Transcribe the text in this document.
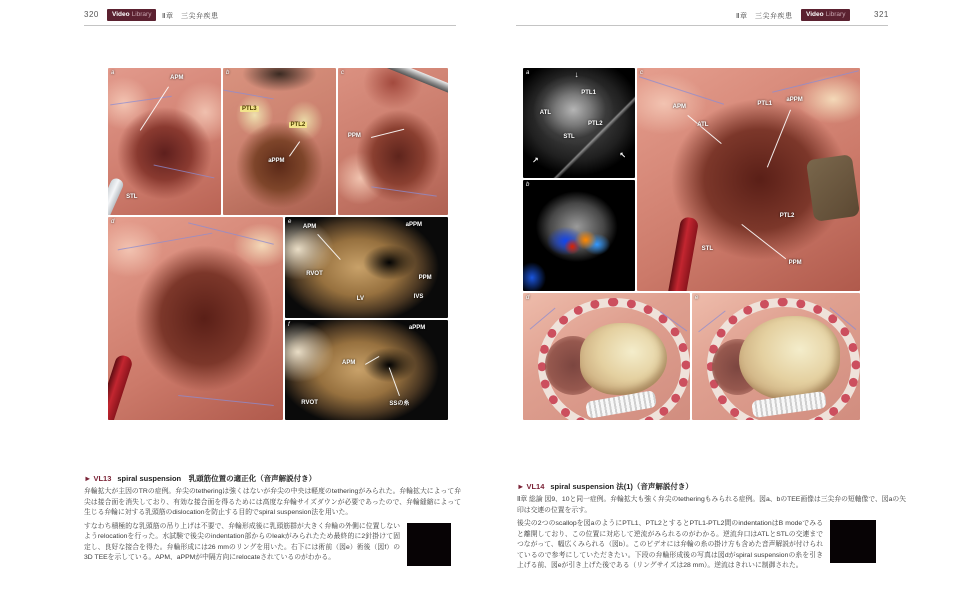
320	Video Library	Ⅱ章　三尖弁疾患
a
APM
STL
b
PTL3
PTL2
aPPM
c
PPM
d	e
APM	aPPM
RVOT
PPM
LV	IVS
f	aPPM
APM
RVOT	SSの糸
► VL13 spiral suspension　乳頭筋位置の適正化（音声解説付き）
弁輪拡大が主因のTRの症例。弁尖のtetheringは強くはないが弁尖の中央は軽度のtetheringがみられた。弁輪拡大によって弁尖は接合面を消失しており、有効な接合面を得るためには高度な弁輪サイズダウンが必要であったので、弁輪縫縮によって生じる弁輪に対する乳頭筋のdislocationを防止する目的でspiral suspension法を用いた。
すなわち積極的な乳頭筋の吊り上げは不要で、弁輪形成後に乳頭筋群が大きく弁輪の外側に位置しないようrelocationを行った。水試験で後尖のindentation部からのleakがみられたため最終的に2針掛けて固定し、良好な接合を得た。弁輪形成には26 mmのリングを用いた。右下には術前（図e）術後（図f）の3D TEEを示している。APM、aPPMが中隔方向にrelocateされているのがわかる。
Ⅱ章　三尖弁疾患	Video Library	321
a	↓
PTL1
ATL
PTL2
STL
↗	↖
b
c
APM
ATL
PTL1
aPPM
PTL2
STL
PPM
d	e
► VL14 spiral suspension 法(1)（音声解説付き）
Ⅱ章 総論 図9、10と同一症例。弁輪拡大も強く弁尖のtetheringもみられる症例。図a、bのTEE画像は三尖弁の短軸像で、図aの矢印は交連の位置を示す。
後尖の2つのscallopを図aのようにPTL1、PTL2とするとPTL1-PTL2間のindentationはB modeでみると離開しており、この位置に対応して逆流がみられるのがわかる。逆流弁口はATLとSTLの交連までつながって、幅広くみられる（図b）。このビデオには弁輪の糸の掛け方も含めた音声解説が付けられているので参考にしていただきたい。下段の弁輪形成後の写真は図dがspiral suspensionの糸を引き上げる前、図eが引き上げた後である（リングサイズは28 mm）。逆流はきれいに制御された。
